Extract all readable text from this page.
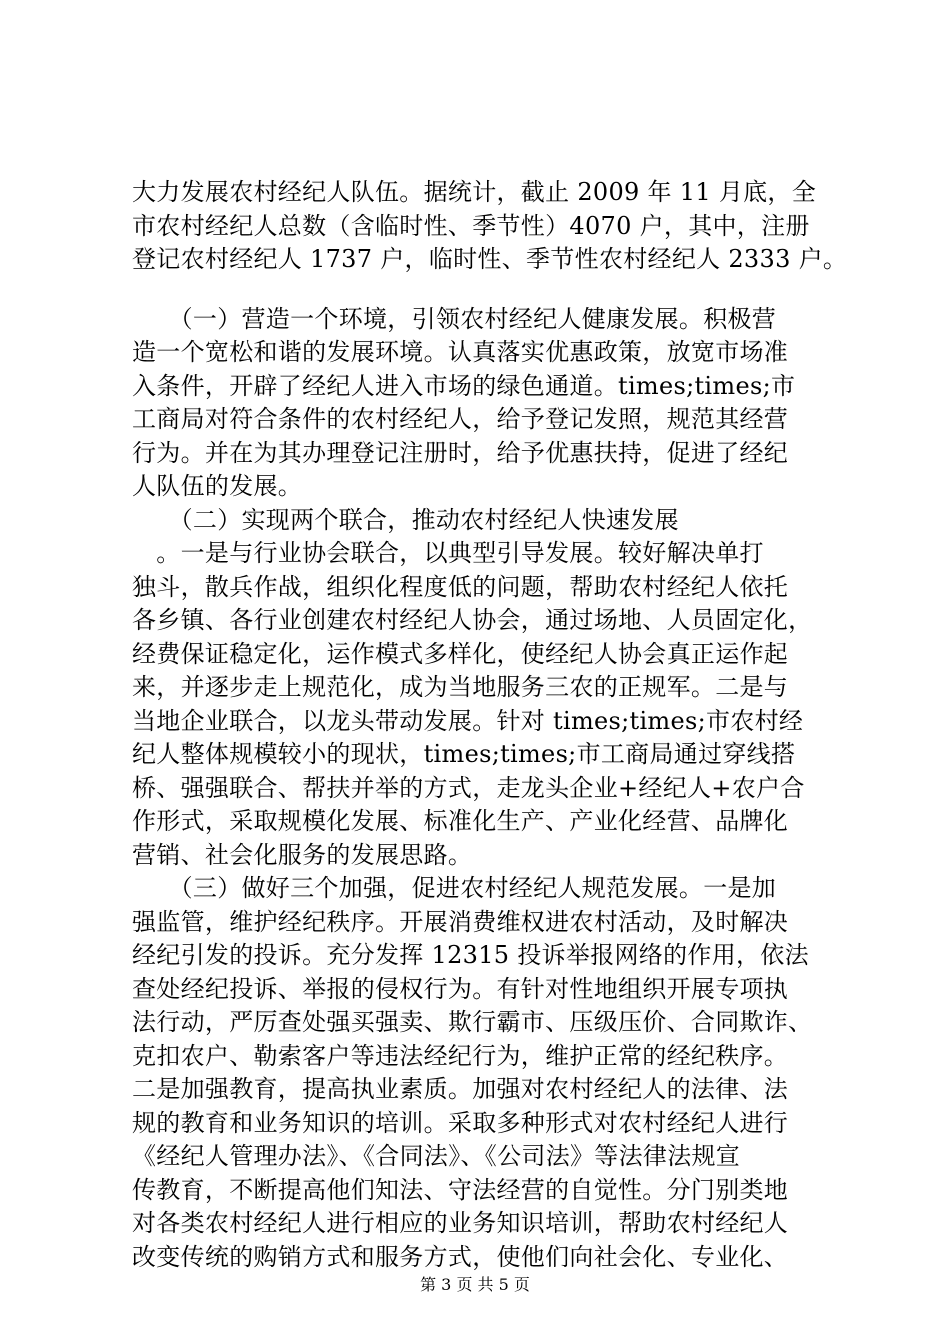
大力发展农村经纪人队伍。据统计，截止 2009 年 11 月底，全
市农村经纪人总数（含临时性、季节性）4070 户，其中，注册
登记农村经纪人 1737 户，临时性、季节性农村经纪人 2333 户。
　　（一）营造一个环境，引领农村经纪人健康发展。积极营
造一个宽松和谐的发展环境。认真落实优惠政策，放宽市场准
入条件，开辟了经纪人进入市场的绿色通道。times;times;市
工商局对符合条件的农村经纪人，给予登记发照，规范其经营
行为。并在为其办理登记注册时，给予优惠扶持，促进了经纪
人队伍的发展。
　　（二）实现两个联合，推动农村经纪人快速发展
　。一是与行业协会联合，以典型引导发展。较好解决单打
独斗，散兵作战，组织化程度低的问题，帮助农村经纪人依托
各乡镇、各行业创建农村经纪人协会，通过场地、人员固定化，
经费保证稳定化，运作模式多样化，使经纪人协会真正运作起
来，并逐步走上规范化，成为当地服务三农的正规军。二是与
当地企业联合，以龙头带动发展。针对 times;times;市农村经
纪人整体规模较小的现状，times;times;市工商局通过穿线搭
桥、强强联合、帮扶并举的方式，走龙头企业+经纪人+农户合
作形式，采取规模化发展、标准化生产、产业化经营、品牌化
营销、社会化服务的发展思路。
　　（三）做好三个加强，促进农村经纪人规范发展。一是加
强监管，维护经纪秩序。开展消费维权进农村活动，及时解决
经纪引发的投诉。充分发挥 12315 投诉举报网络的作用，依法
查处经纪投诉、举报的侵权行为。有针对性地组织开展专项执
法行动，严厉查处强买强卖、欺行霸市、压级压价、合同欺诈、
克扣农户、勒索客户等违法经纪行为，维护正常的经纪秩序。
二是加强教育，提高执业素质。加强对农村经纪人的法律、法
规的教育和业务知识的培训。采取多种形式对农村经纪人进行
《经纪人管理办法》、《合同法》、《公司法》等法律法规宣
传教育，不断提高他们知法、守法经营的自觉性。分门别类地
对各类农村经纪人进行相应的业务知识培训，帮助农村经纪人
改变传统的购销方式和服务方式，使他们向社会化、专业化、
第 3 页 共 5 页
